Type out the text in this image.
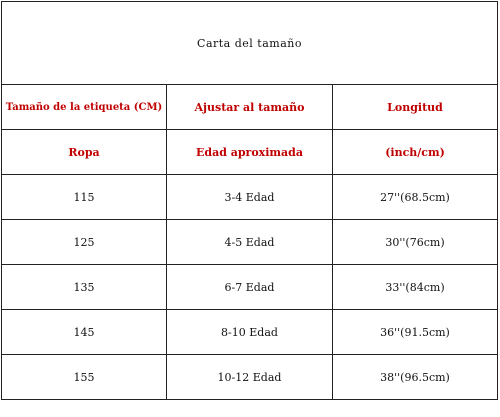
Carta del tamaño		
Tamaño de la etiqueta (CM)	Ajustar al tamaño	Longitud
Ropa	Edad aproximada	(inch/cm)
115	3-4 Edad	27''(68.5cm)
125	4-5 Edad	30''(76cm)
135	6-7 Edad	33''(84cm)
145	8-10 Edad	36''(91.5cm)
155	10-12 Edad	38''(96.5cm)
